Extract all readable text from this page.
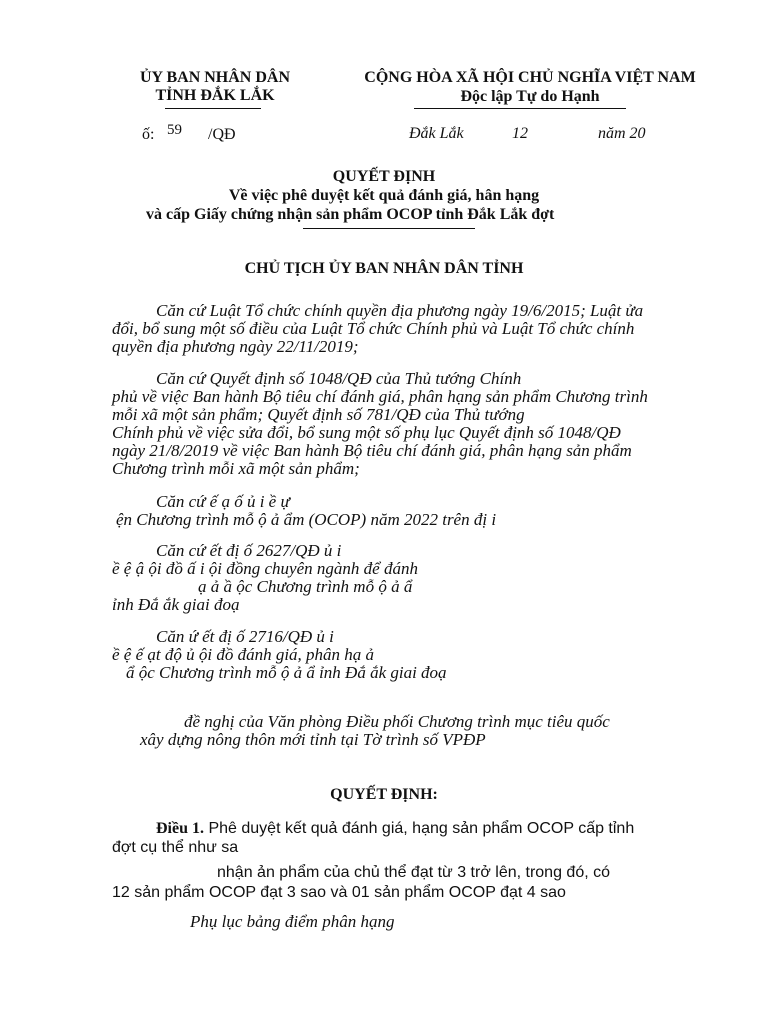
ỦY BAN NHÂN DÂN
TỈNH ĐẮK LẮK
CỘNG HÒA XÃ HỘI CHỦ NGHĨA VIỆT NAM
Độc lập Tự do Hạnh
ố: 59 /QĐ	Đắk Lắk	12	năm 20
QUYẾT ĐỊNH
Về việc phê duyệt kết quả đánh giá, hân hạng
và cấp Giấy chứng nhận sản phẩm OCOP tỉnh Đắk Lắk đợt
CHỦ TỊCH ỦY BAN NHÂN DÂN TỈNH
Căn cứ Luật Tổ chức chính quyền địa phương ngày 19/6/2015; Luật ửa
đổi, bổ sung một số điều của Luật Tổ chức Chính phủ và Luật Tổ chức chính
quyền địa phương ngày 22/11/2019;
Căn cứ Quyết định số 1048/QĐ của Thủ tướng Chính
phủ về việc Ban hành Bộ tiêu chí đánh giá, phân hạng sản phẩm Chương trình
mỗi xã một sản phẩm; Quyết định số 781/QĐ của Thủ tướng
Chính phủ về việc sửa đổi, bổ sung một số phụ lục Quyết định số 1048/QĐ
ngày 21/8/2019 về việc Ban hành Bộ tiêu chí đánh giá, phân hạng sản phẩm
Chương trình mỗi xã một sản phẩm;
Căn cứ ế ạ ố ủ i ề ự
ện Chương trình mỗ ộ ả ẩm (OCOP) năm 2022 trên đị i
Căn cứ ết đị ố 2627/QĐ ủ i
ề ệ ậ ội đồ ấ i ội đồng chuyên ngành để đánh
ạ ả ầ ộc Chương trình mỗ ộ ả ẩ
ỉnh Đắ ắk giai đoạ
Căn ứ ết đị ố 2716/QĐ ủ i
ề ệ ế ạt độ ủ ội đồ đánh giá, phân hạ ả
ẩ ộc Chương trình mỗ ộ ả ẩ ỉnh Đắ ắk giai đoạ
đề nghị của Văn phòng Điều phối Chương trình mục tiêu quốc
xây dựng nông thôn mới tỉnh tại Tờ trình số VPĐP
QUYẾT ĐỊNH:
Điều 1. Phê duyệt kết quả đánh giá, hạng sản phẩm OCOP cấp tỉnh
đợt cụ thể như sa
nhận ản phẩm của chủ thể đạt từ 3 trở lên, trong đó, có
12 sản phẩm OCOP đạt 3 sao và 01 sản phẩm OCOP đạt 4 sao
Phụ lục bảng điểm phân hạng
